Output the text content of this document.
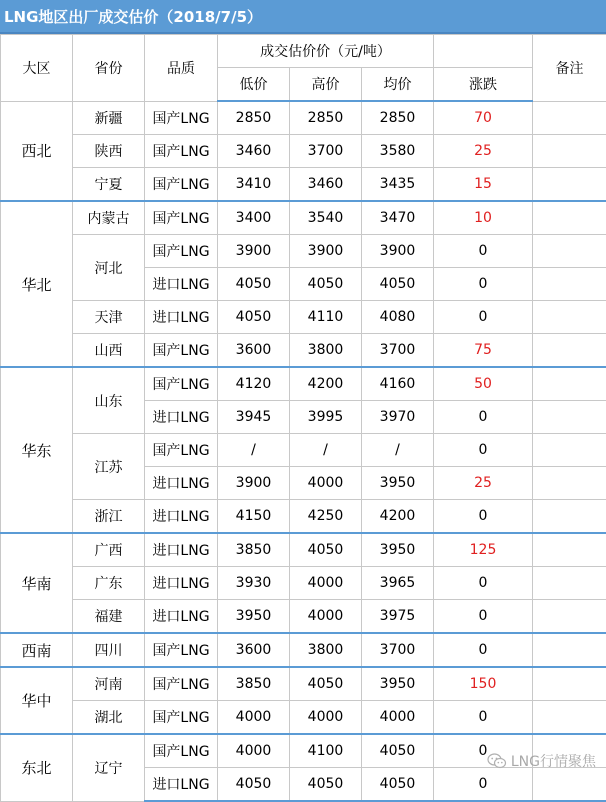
LNG地区出厂成交估价（2018/7/5）
大区	省份	品质	成交估价价（元/吨）				备注
			低价	高价	均价	涨跌	
西北	新疆	国产LNG	2850	2850	2850	70	
	陕西	国产LNG	3460	3700	3580	25	
	宁夏	国产LNG	3410	3460	3435	15	
华北	内蒙古	国产LNG	3400	3540	3470	10	
	河北	国产LNG	3900	3900	3900	0	
		进口LNG	4050	4050	4050	0	
	天津	进口LNG	4050	4110	4080	0	
	山西	国产LNG	3600	3800	3700	75	
华东	山东	国产LNG	4120	4200	4160	50	
		进口LNG	3945	3995	3970	0	
	江苏	国产LNG	/	/	/	0	
		进口LNG	3900	4000	3950	25	
	浙江	进口LNG	4150	4250	4200	0	
华南	广西	进口LNG	3850	4050	3950	125	
	广东	进口LNG	3930	4000	3965	0	
	福建	进口LNG	3950	4000	3975	0	
西南	四川	国产LNG	3600	3800	3700	0	
华中	河南	国产LNG	3850	4050	3950	150	
	湖北	国产LNG	4000	4000	4000	0	
东北	辽宁	国产LNG	4000	4100	4050	0	
		进口LNG	4050	4050	4050	0	
LNG行情聚焦
